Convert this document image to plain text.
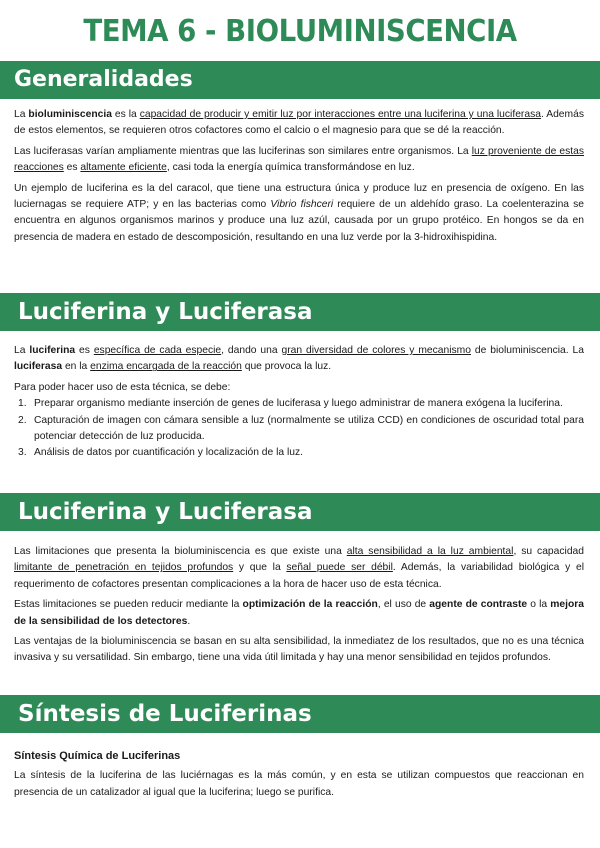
TEMA 6 - BIOLUMINISCENCIA
Generalidades

La bioluminiscencia es la capacidad de producir y emitir luz por interacciones entre una luciferina y una luciferasa. Además de estos elementos, se requieren otros cofactores como el calcio o el magnesio para que se dé la reacción.

Las luciferasas varían ampliamente mientras que las luciferinas son similares entre organismos. La luz proveniente de estas reacciones es altamente eficiente, casi toda la energía química transformándose en luz.

Un ejemplo de luciferina es la del caracol, que tiene una estructura única y produce luz en presencia de oxígeno. En las luciernagas se requiere ATP; y en las bacterias como Vibrio fishceri requiere de un aldehído graso. La coelenterazina se encuentra en algunos organismos marinos y produce una luz azúl, causada por un grupo protéico. En hongos se da en presencia de madera en estado de descomposición, resultando en una luz verde por la 3-hidroxihispidina.

Luciferina y Luciferasa

La luciferina es específica de cada especie, dando una gran diversidad de colores y mecanismo de bioluminiscencia. La luciferasa en la enzima encargada de la reacción que provoca la luz.

Para poder hacer uso de esta técnica, se debe:

1. Preparar organismo mediante inserción de genes de luciferasa y luego administrar de manera exógena la luciferina.
2. Capturación de imagen con cámara sensible a luz (normalmente se utiliza CCD) en condiciones de oscuridad total para potenciar detección de luz producida.
3. Análisis de datos por cuantificación y localización de la luz.
Luciferina y Luciferasa

Las limitaciones que presenta la bioluminiscencia es que existe una alta sensibilidad a la luz ambiental, su capacidad limitante de penetración en tejidos profundos y que la señal puede ser débil. Además, la variabilidad biológica y el requerimento de cofactores presentan complicaciones a la hora de hacer uso de esta técnica.

Estas limitaciones se pueden reducir mediante la optimización de la reacción, el uso de agente de contraste o la mejora de la sensibilidad de los detectores.

Las ventajas de la bioluminiscencia se basan en su alta sensibilidad, la inmediatez de los resultados, que no es una técnica invasiva y su versatilidad. Sin embargo, tiene una vida útil limitada y hay una menor sensibilidad en tejidos profundos.

Síntesis de Luciferinas
Síntesis Química de Luciferinas

La síntesis de la luciferina de las luciérnagas es la más común, y en esta se utilizan compuestos que reaccionan en presencia de un catalizador al igual que la luciferina; luego se purifica.
